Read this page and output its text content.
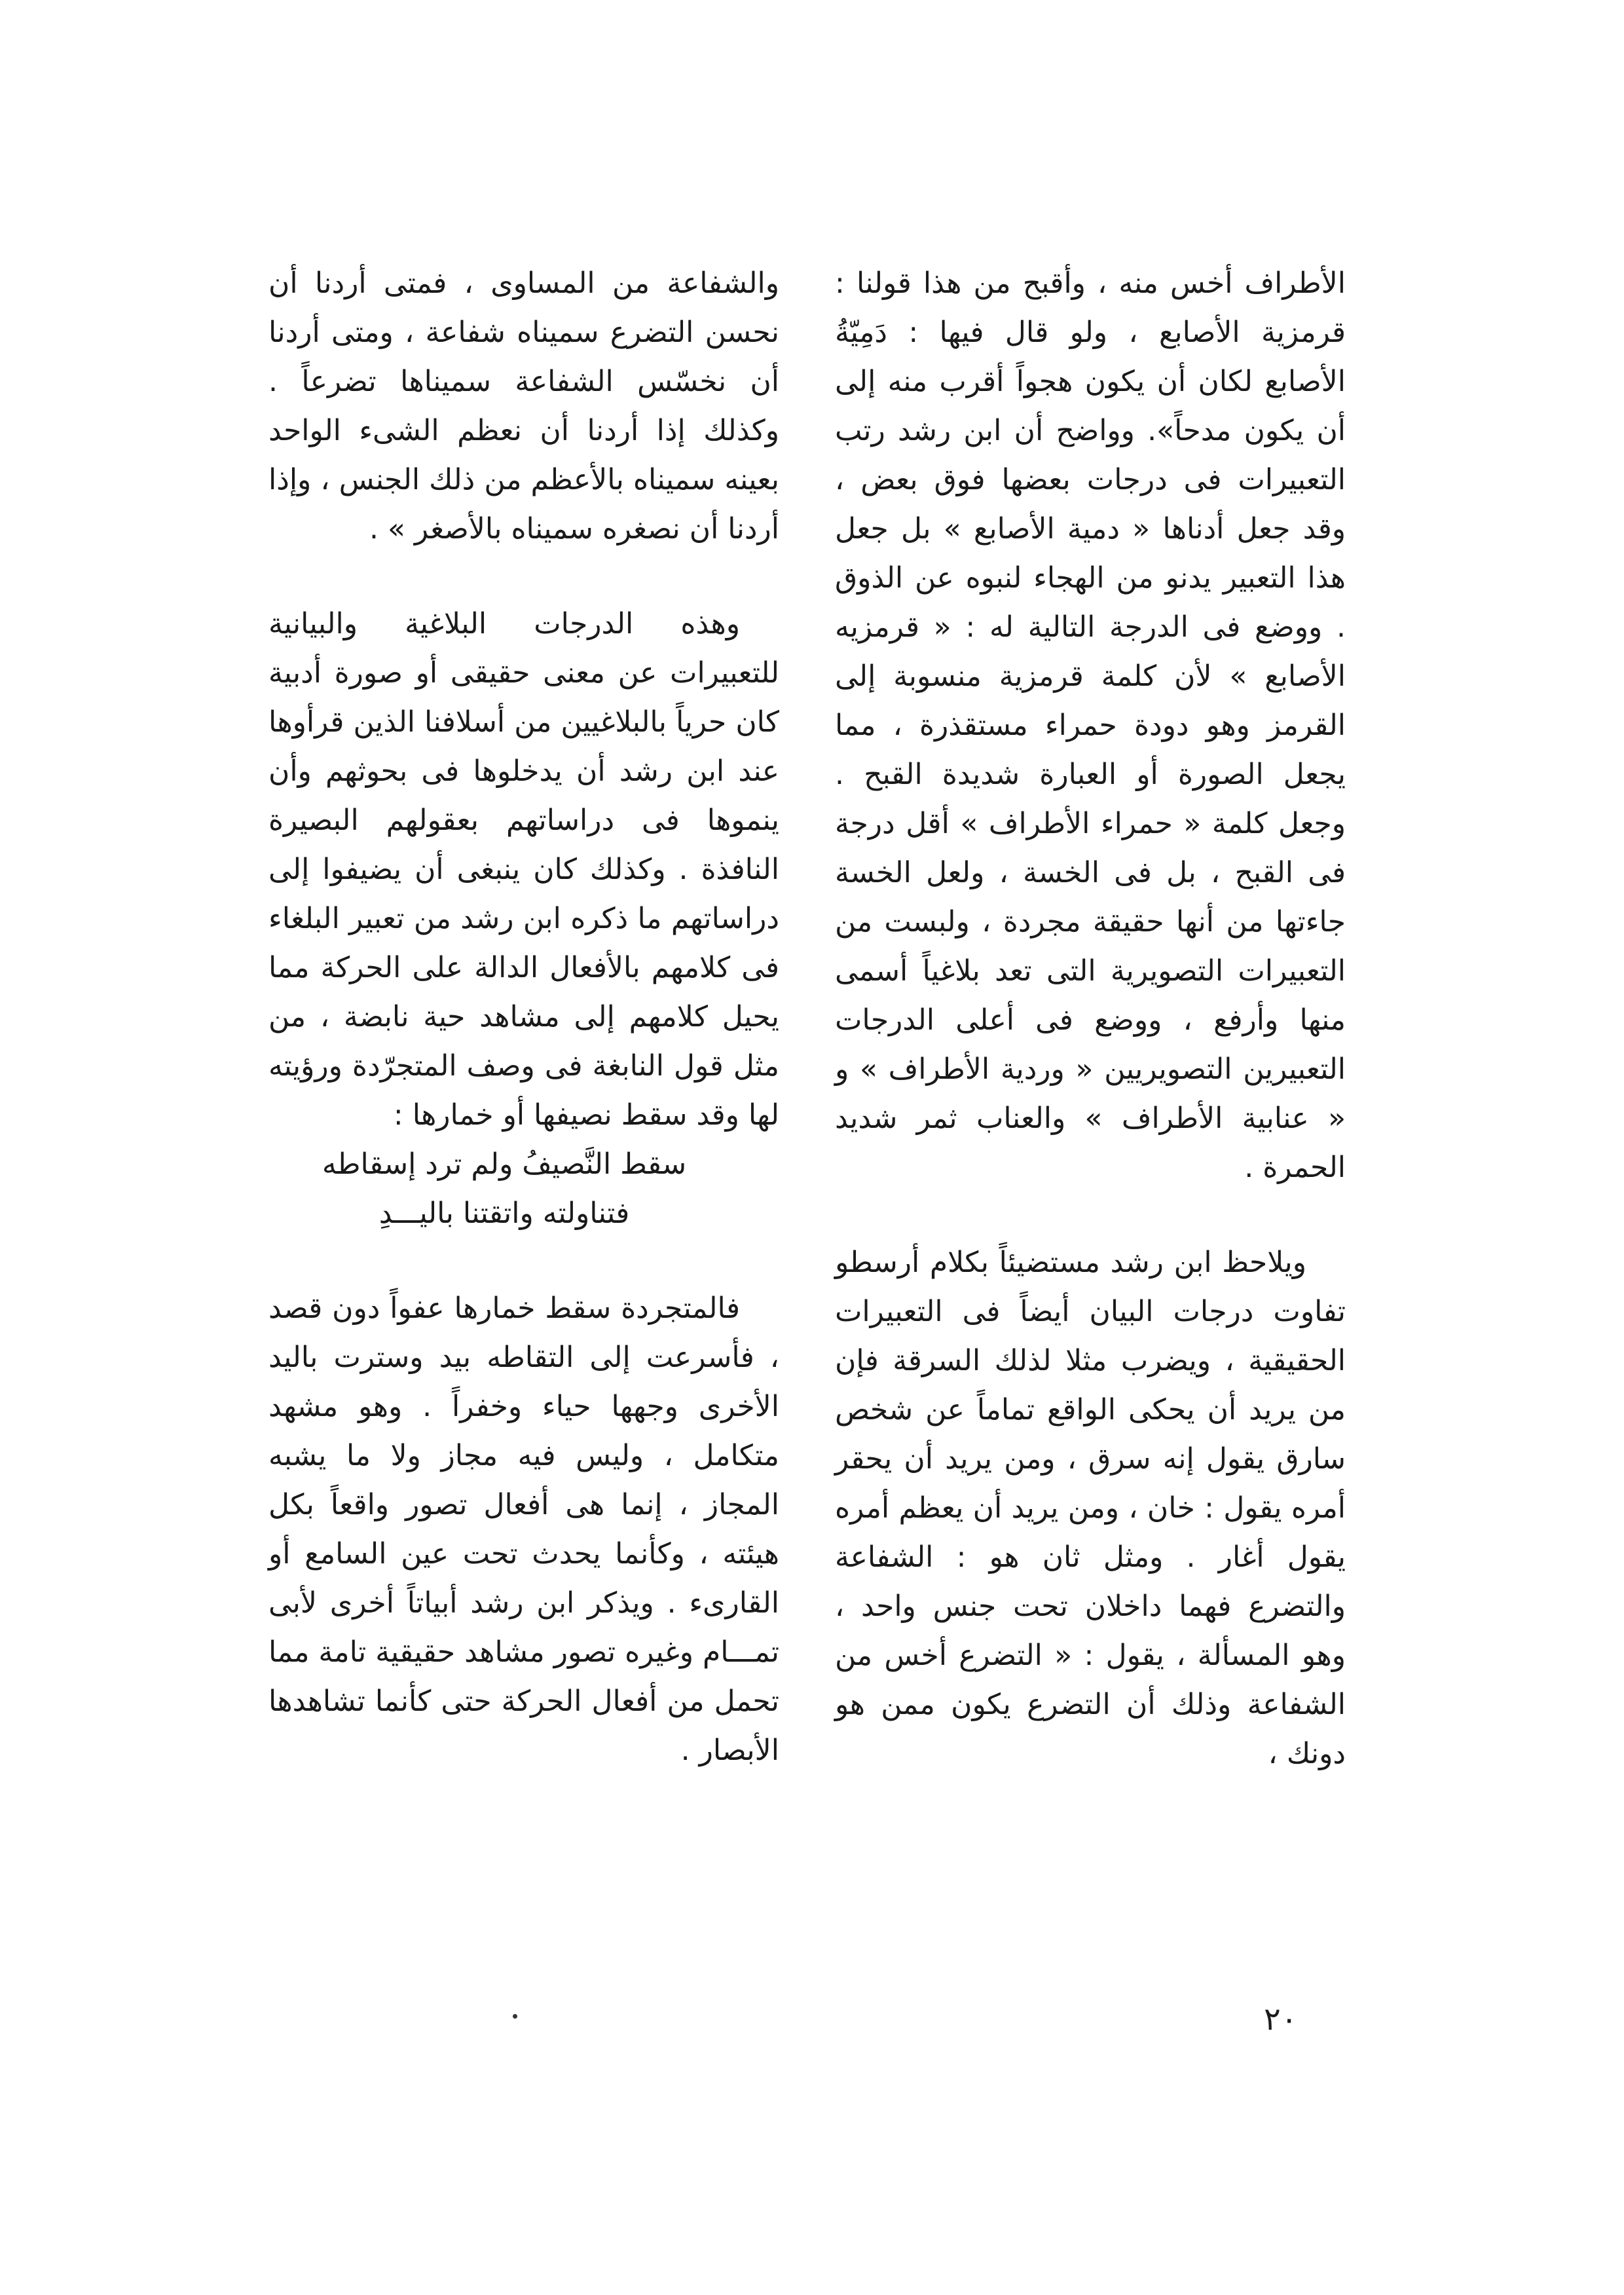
الأطراف أخس منه ، وأقبح من هذا قولنا : قرمزية الأصابع ، ولو قال فيها : دَمِيّةُ الأصابع لكان أن يكون هجواً أقرب منه إلى أن يكون مدحاً». وواضح أن ابن رشد رتب التعبيرات فى درجات بعضها فوق بعض ، وقد جعل أدناها « دمية الأصابع » بل جعل هذا التعبير يدنو من الهجاء لنبوه عن الذوق . ووضع فى الدرجة التالية له : « قرمزيه الأصابع » لأن كلمة قرمزية منسوبة إلى القرمز وهو دودة حمراء مستقذرة ، مما يجعل الصورة أو العبارة شديدة القبح . وجعل كلمة « حمراء الأطراف » أقل درجة فى القبح ، بل فى الخسة ، ولعل الخسة جاءتها من أنها حقيقة مجردة ، ولبست من التعبيرات التصويرية التى تعد بلاغياً أسمى منها وأرفع ، ووضع فى أعلى الدرجات التعبيرين التصويريين « وردية الأطراف » و « عنابية الأطراف » والعناب ثمر شديد الحمرة .

ويلاحظ ابن رشد مستضيئاً بكلام أرسطو تفاوت درجات البيان أيضاً فى التعبيرات الحقيقية ، ويضرب مثلا لذلك السرقة فإن من يريد أن يحكى الواقع تماماً عن شخص سارق يقول إنه سرق ، ومن يريد أن يحقر أمره يقول : خان ، ومن يريد أن يعظم أمره يقول أغار . ومثل ثان هو : الشفاعة والتضرع فهما داخلان تحت جنس واحد ، وهو المسألة ، يقول : « التضرع أخس من الشفاعة وذلك أن التضرع يكون ممن هو دونك ،

والشفاعة من المساوى ، فمتى أردنا أن نحسن التضرع سميناه شفاعة ، ومتى أردنا أن نخسّس الشفاعة سميناها تضرعاً . وكذلك إذا أردنا أن نعظم الشىء الواحد بعينه سميناه بالأعظم من ذلك الجنس ، وإذا أردنا أن نصغره سميناه بالأصغر » .

وهذه الدرجات البلاغية والبيانية للتعبيرات عن معنى حقيقى أو صورة أدبية كان حرياً بالبلاغيين من أسلافنا الذين قرأوها عند ابن رشد أن يدخلوها فى بحوثهم وأن ينموها فى دراساتهم بعقولهم البصيرة النافذة . وكذلك كان ينبغى أن يضيفوا إلى دراساتهم ما ذكره ابن رشد من تعبير البلغاء فى كلامهم بالأفعال الدالة على الحركة مما يحيل كلامهم إلى مشاهد حية نابضة ، من مثل قول النابغة فى وصف المتجرّدة ورؤيته لها وقد سقط نصيفها أو خمارها :

سقط النَّصيفُ ولم ترد إسقاطه
فتناولته واتقتنا باليـــدِ

فالمتجردة سقط خمارها عفواً دون قصد ، فأسرعت إلى التقاطه بيد وسترت باليد الأخرى وجهها حياء وخفراً . وهو مشهد متكامل ، وليس فيه مجاز ولا ما يشبه المجاز ، إنما هى أفعال تصور واقعاً بكل هيئته ، وكأنما يحدث تحت عين السامع أو القارىء . ويذكر ابن رشد أبياتاً أخرى لأبى تمـــام وغيره تصور مشاهد حقيقية تامة مما تحمل من أفعال الحركة حتى كأنما تشاهدها الأبصار .

٢٠
